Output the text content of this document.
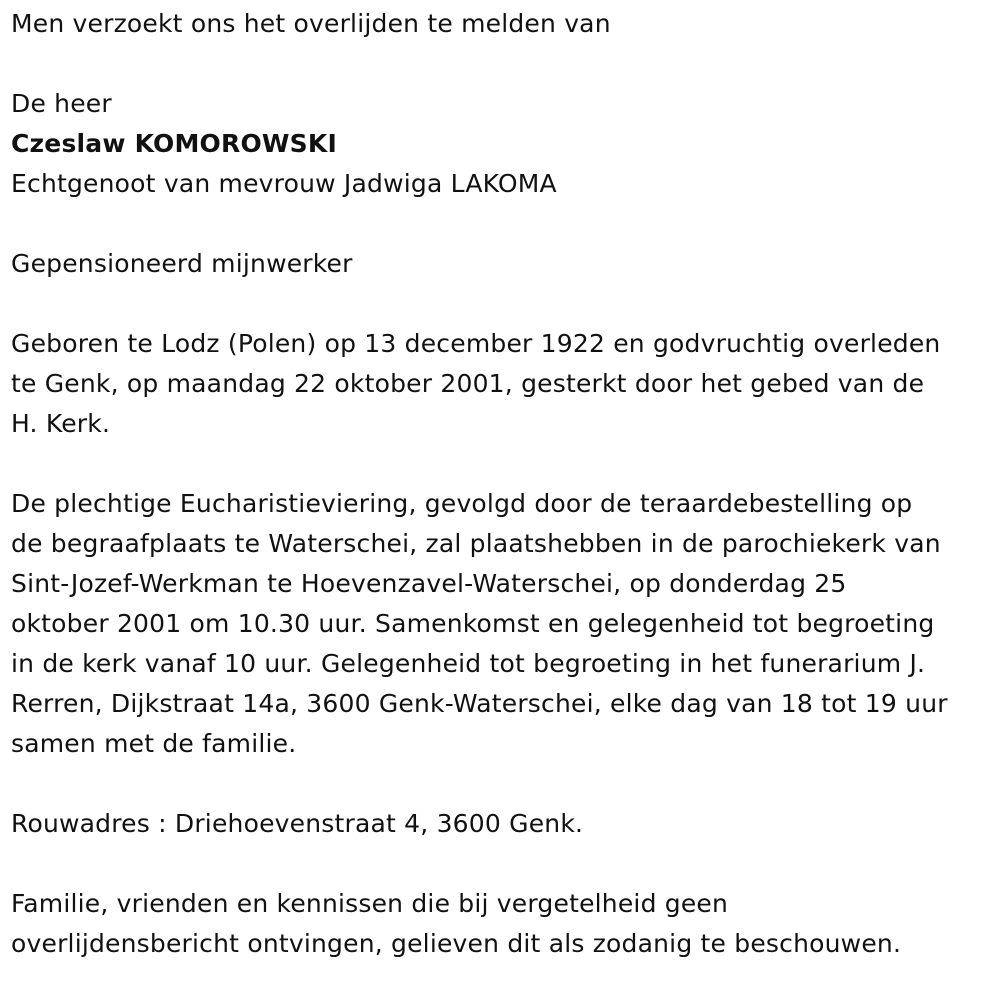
Men verzoekt ons het overlijden te melden van

De heer

Czeslaw KOMOROWSKI

Echtgenoot van mevrouw Jadwiga LAKOMA

Gepensioneerd mijnwerker

Geboren te Lodz (Polen) op 13 december 1922 en godvruchtig overleden
te Genk, op maandag 22 oktober 2001, gesterkt door het gebed van de
H. Kerk.

De plechtige Eucharistieviering, gevolgd door de teraardebestelling op
de begraafplaats te Waterschei, zal plaatshebben in de parochiekerk van
Sint-Jozef-Werkman te Hoevenzavel-Waterschei, op donderdag 25
oktober 2001 om 10.30 uur. Samenkomst en gelegenheid tot begroeting
in de kerk vanaf 10 uur. Gelegenheid tot begroeting in het funerarium J.
Rerren, Dijkstraat 14a, 3600 Genk-Waterschei, elke dag van 18 tot 19 uur
samen met de familie.

Rouwadres : Driehoevenstraat 4, 3600 Genk.

Familie, vrienden en kennissen die bij vergetelheid geen
overlijdensbericht ontvingen, gelieven dit als zodanig te beschouwen.
